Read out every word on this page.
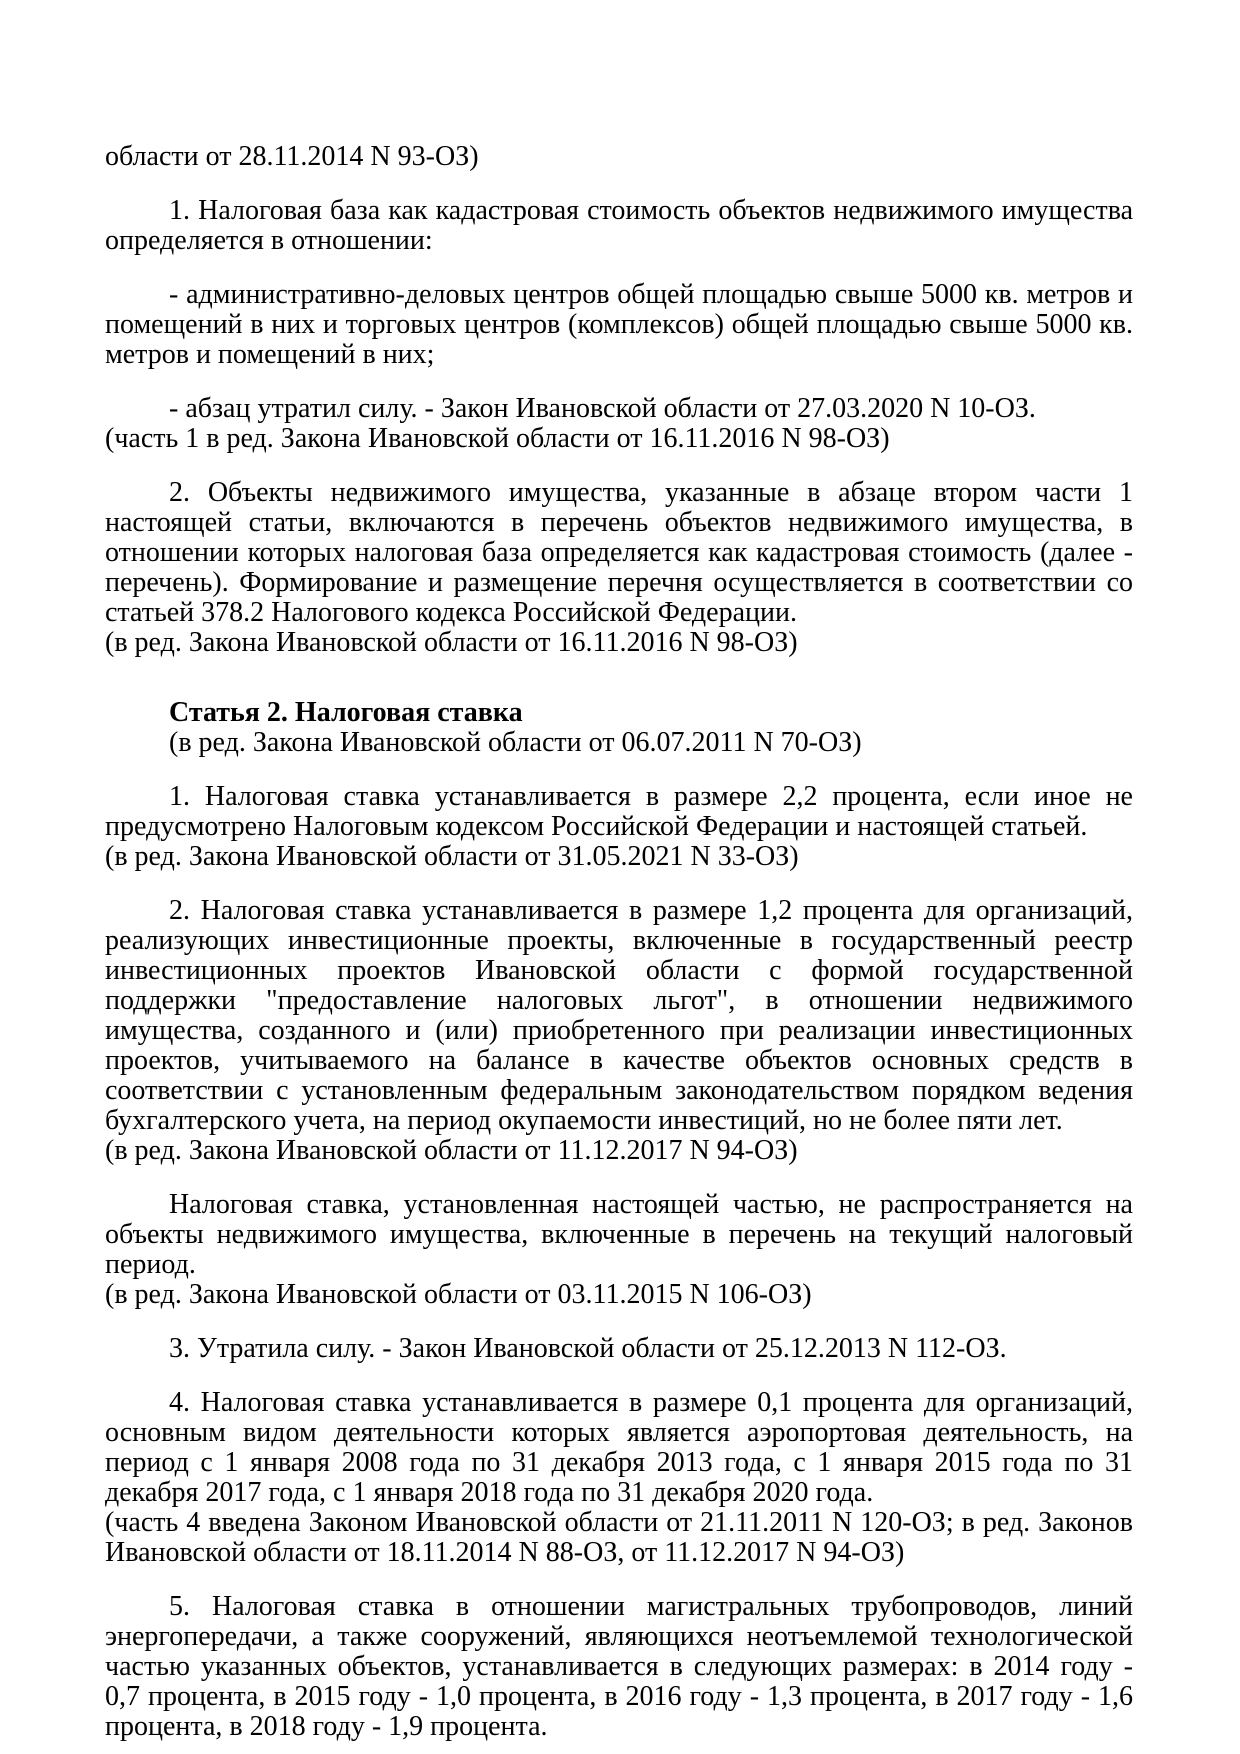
области от 28.11.2014 N 93-ОЗ)

1. Налоговая база как кадастровая стоимость объектов недвижимого имущества определяется в отношении:

- административно-деловых центров общей площадью свыше 5000 кв. метров и помещений в них и торговых центров (комплексов) общей площадью свыше 5000 кв. метров и помещений в них;

- абзац утратил силу. - Закон Ивановской области от 27.03.2020 N 10-ОЗ.

(часть 1 в ред. Закона Ивановской области от 16.11.2016 N 98-ОЗ)

2. Объекты недвижимого имущества, указанные в абзаце втором части 1 настоящей статьи, включаются в перечень объектов недвижимого имущества, в отношении которых налоговая база определяется как кадастровая стоимость (далее - перечень). Формирование и размещение перечня осуществляется в соответствии со статьей 378.2 Налогового кодекса Российской Федерации.

(в ред. Закона Ивановской области от 16.11.2016 N 98-ОЗ)

Статья 2. Налоговая ставка

(в ред. Закона Ивановской области от 06.07.2011 N 70-ОЗ)

1. Налоговая ставка устанавливается в размере 2,2 процента, если иное не предусмотрено Налоговым кодексом Российской Федерации и настоящей статьей.

(в ред. Закона Ивановской области от 31.05.2021 N 33-ОЗ)

2. Налоговая ставка устанавливается в размере 1,2 процента для организаций, реализующих инвестиционные проекты, включенные в государственный реестр инвестиционных проектов Ивановской области с формой государственной поддержки "предоставление налоговых льгот", в отношении недвижимого имущества, созданного и (или) приобретенного при реализации инвестиционных проектов, учитываемого на балансе в качестве объектов основных средств в соответствии с установленным федеральным законодательством порядком ведения бухгалтерского учета, на период окупаемости инвестиций, но не более пяти лет.

(в ред. Закона Ивановской области от 11.12.2017 N 94-ОЗ)

Налоговая ставка, установленная настоящей частью, не распространяется на объекты недвижимого имущества, включенные в перечень на текущий налоговый период.

(в ред. Закона Ивановской области от 03.11.2015 N 106-ОЗ)

3. Утратила силу. - Закон Ивановской области от 25.12.2013 N 112-ОЗ.

4. Налоговая ставка устанавливается в размере 0,1 процента для организаций, основным видом деятельности которых является аэропортовая деятельность, на период с 1 января 2008 года по 31 декабря 2013 года, с 1 января 2015 года по 31 декабря 2017 года, с 1 января 2018 года по 31 декабря 2020 года.

(часть 4 введена Законом Ивановской области от 21.11.2011 N 120-ОЗ; в ред. Законов Ивановской области от 18.11.2014 N 88-ОЗ, от 11.12.2017 N 94-ОЗ)

5. Налоговая ставка в отношении магистральных трубопроводов, линий энергопередачи, а также сооружений, являющихся неотъемлемой технологической частью указанных объектов, устанавливается в следующих размерах: в 2014 году - 0,7 процента, в 2015 году - 1,0 процента, в 2016 году - 1,3 процента, в 2017 году - 1,6 процента, в 2018 году - 1,9 процента.
